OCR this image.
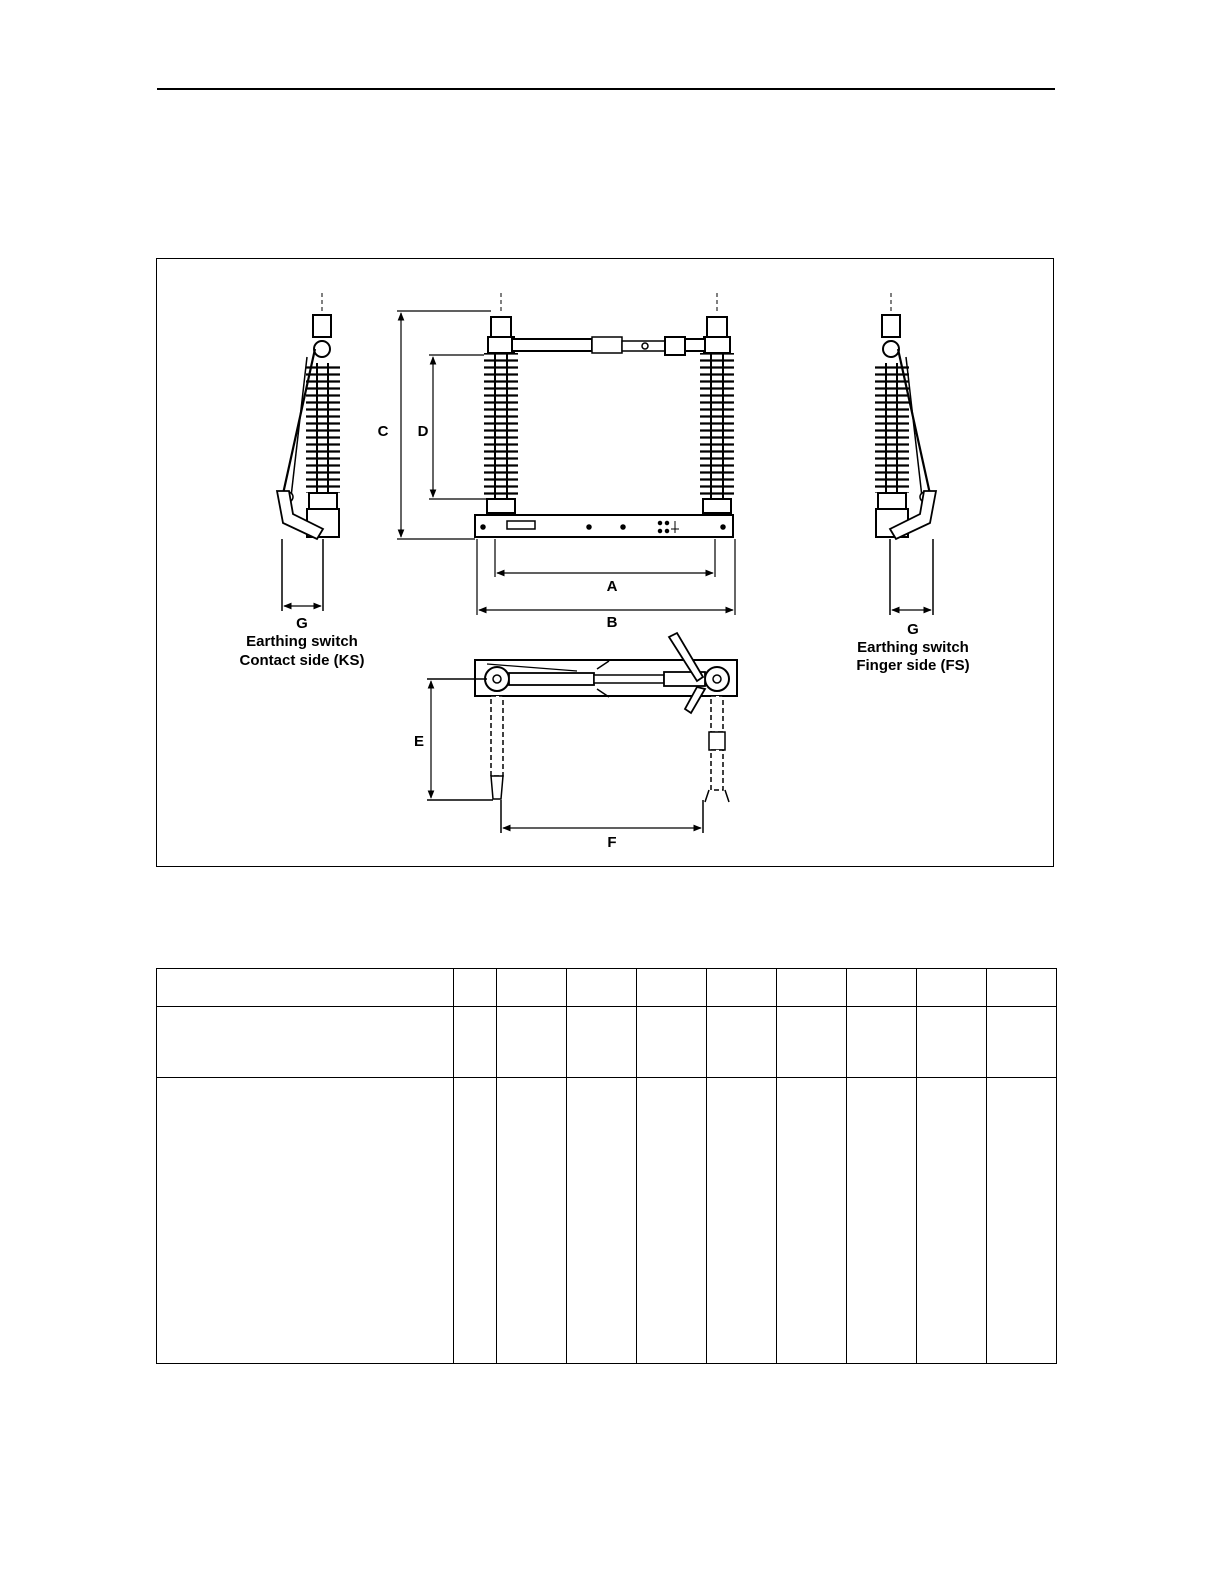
C D
A
B
E
F
G
Earthing switch
Contact side (KS)
G
Earthing switch
Finger side (FS)
